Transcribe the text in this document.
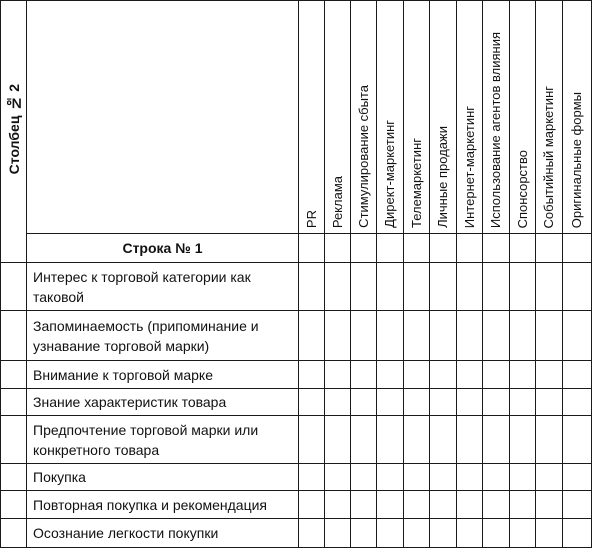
Столбец № 2		PR	Реклама	Стимулирование сбыта	Директ-маркетинг	Телемаркетинг	Личные продажи	Интернет-маркетинг	Использование агентов влияния	Спонсорство	Событийный маркетинг	Оригинальные формы
	Строка № 1											
	Интерес к торговой категории как таковой											
	Запоминаемость (припоминание и узнавание торговой марки)											
	Внимание к торговой марке											
	Знание характеристик товара											
	Предпочтение торговой марки или конкретного товара											
	Покупка											
	Повторная покупка и рекомендация											
	Осознание легкости покупки											
